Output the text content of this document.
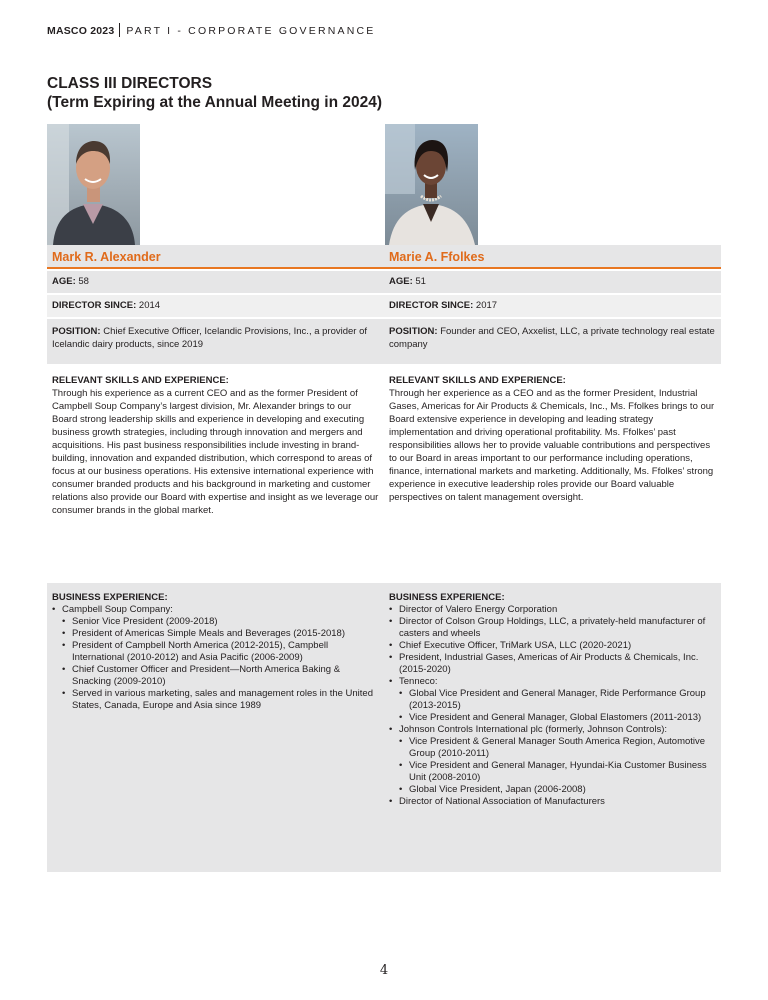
MASCO 2023 PART I - CORPORATE GOVERNANCE
CLASS III DIRECTORS
(Term Expiring at the Annual Meeting in 2024)
Mark R. Alexander
AGE: 58
DIRECTOR SINCE: 2014
POSITION: Chief Executive Officer, Icelandic Provisions, Inc., a provider of Icelandic dairy products, since 2019
RELEVANT SKILLS AND EXPERIENCE:
Through his experience as a current CEO and as the former President of Campbell Soup Company’s largest division, Mr. Alexander brings to our Board strong leadership skills and experience in developing and executing business growth strategies, including through innovation and mergers and acquisitions. His past business responsibilities include investing in brand-building, innovation and expanded distribution, which correspond to areas of focus at our business operations. His extensive international experience with consumer branded products and his background in marketing and customer relations also provide our Board with expertise and insight as we leverage our consumer brands in the global market.
BUSINESS EXPERIENCE:
• Campbell Soup Company:
• Senior Vice President (2009-2018)
• President of Americas Simple Meals and Beverages (2015-2018)
• President of Campbell North America (2012-2015), Campbell International (2010-2012) and Asia Pacific (2006-2009)
• Chief Customer Officer and President—North America Baking & Snacking (2009-2010)
• Served in various marketing, sales and management roles in the United States, Canada, Europe and Asia since 1989
Marie A. Ffolkes
AGE: 51
DIRECTOR SINCE: 2017
POSITION: Founder and CEO, Axxelist, LLC, a private technology real estate company
RELEVANT SKILLS AND EXPERIENCE:
Through her experience as a CEO and as the former President, Industrial Gases, Americas for Air Products & Chemicals, Inc., Ms. Ffolkes brings to our Board extensive experience in developing and leading strategy implementation and driving operational profitability. Ms. Ffolkes’ past responsibilities allows her to provide valuable contributions and perspectives to our Board in areas important to our performance including operations, finance, international markets and marketing. Additionally, Ms. Ffolkes’ strong experience in executive leadership roles provide our Board valuable perspectives on talent management oversight.
BUSINESS EXPERIENCE:
• Director of Valero Energy Corporation
• Director of Colson Group Holdings, LLC, a privately-held manufacturer of casters and wheels
• Chief Executive Officer, TriMark USA, LLC (2020-2021)
• President, Industrial Gases, Americas of Air Products & Chemicals, Inc. (2015-2020)
• Tenneco:
• Global Vice President and General Manager, Ride Performance Group (2013-2015)
• Vice President and General Manager, Global Elastomers (2011-2013)
• Johnson Controls International plc (formerly, Johnson Controls):
• Vice President & General Manager South America Region, Automotive Group (2010-2011)
• Vice President and General Manager, Hyundai-Kia Customer Business Unit (2008-2010)
• Global Vice President, Japan (2006-2008)
• Director of National Association of Manufacturers
4
